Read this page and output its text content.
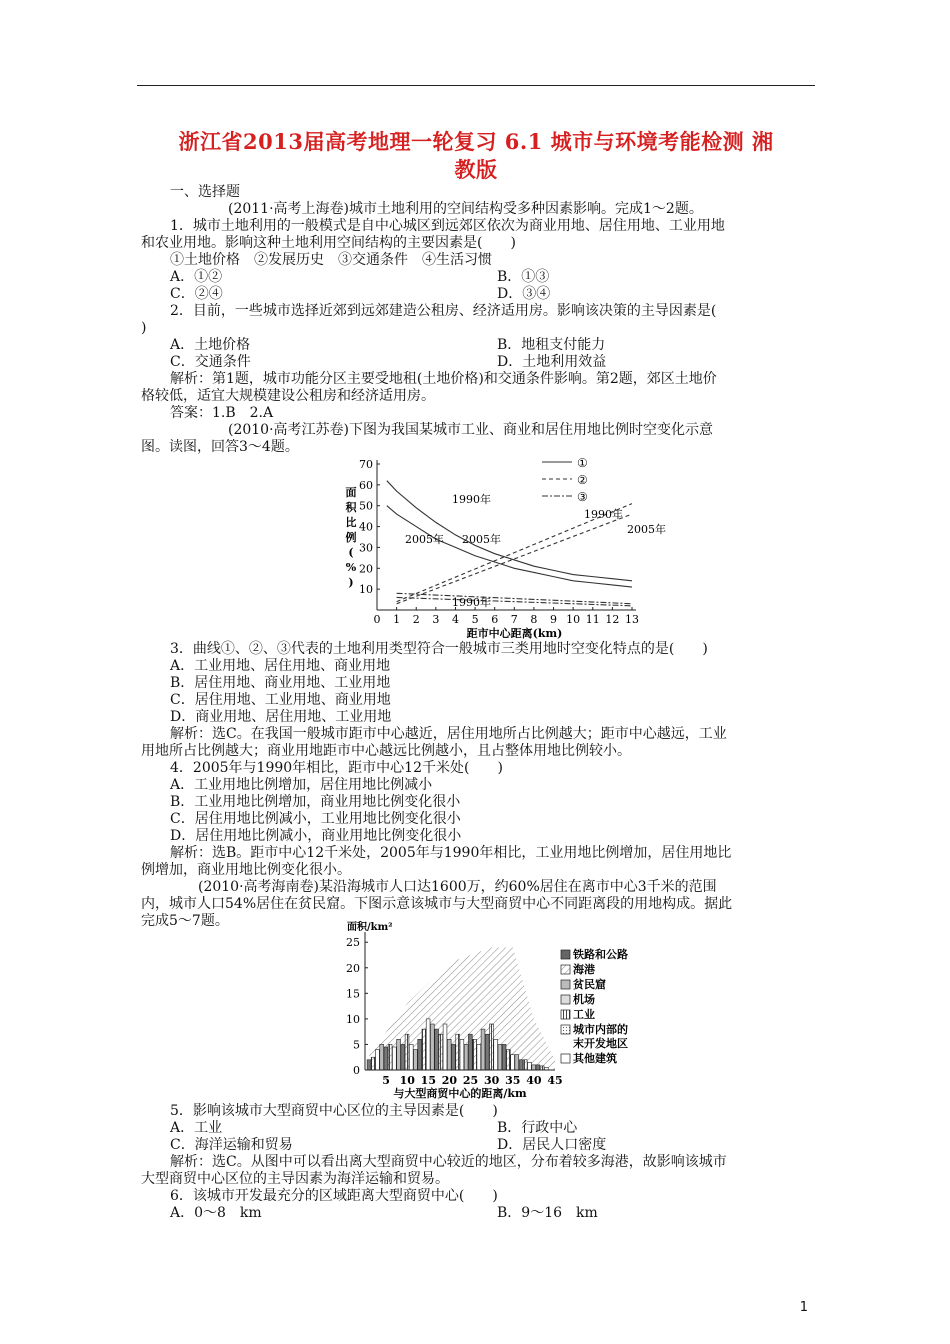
浙江省2013届高考地理一轮复习 6.1 城市与环境考能检测 湘
教版
一、选择题
(2011·高考上海卷)城市土地利用的空间结构受多种因素影响。完成1～2题。
1．城市土地利用的一般模式是自中心城区到远郊区依次为商业用地、居住用地、工业用地
和农业用地。影响这种土地利用空间结构的主要因素是(　　)
①土地价格　②发展历史　③交通条件　④生活习惯
A．①②	B．①③
C．②④	D．③④
2．目前，一些城市选择近郊到远郊建造公租房、经济适用房。影响该决策的主导因素是(
)
A．土地价格	B．地租支付能力
C．交通条件	D．土地利用效益
解析：第1题，城市功能分区主要受地租(土地价格)和交通条件影响。第2题，郊区土地价
格较低，适宜大规模建设公租房和经济适用房。
答案：1.B　2.A
(2010·高考江苏卷)下图为我国某城市工业、商业和居住用地比例时空变化示意
图。读图，回答3～4题。
3．曲线①、②、③代表的土地利用类型符合一般城市三类用地时空变化特点的是(　　)
A．工业用地、居住用地、商业用地
B．居住用地、商业用地、工业用地
C．居住用地、工业用地、商业用地
D．商业用地、居住用地、工业用地
解析：选C。在我国一般城市距市中心越近，居住用地所占比例越大；距市中心越远，工业
用地所占比例越大；商业用地距市中心越远比例越小，且占整体用地比例较小。
4．2005年与1990年相比，距市中心12千米处(　　)
A．工业用地比例增加，居住用地比例减小
B．工业用地比例增加，商业用地比例变化很小
C．居住用地比例减小，工业用地比例变化很小
D．居住用地比例减小，商业用地比例变化很小
解析：选B。距市中心12千米处，2005年与1990年相比，工业用地比例增加，居住用地比
例增加，商业用地比例变化很小。
(2010·高考海南卷)某沿海城市人口达1600万，约60%居住在离市中心3千米的范围
内，城市人口54%居住在贫民窟。下图示意该城市与大型商贸中心不同距离段的用地构成。据此
完成5～7题。
5．影响该城市大型商贸中心区位的主导因素是(　　)
A．工业	B．行政中心
C．海洋运输和贸易	D．居民人口密度
解析：选C。从图中可以看出离大型商贸中心较近的地区，分布着较多海港，故影响该城市
大型商贸中心区位的主导因素为海洋运输和贸易。
6．该城市开发最充分的区域距离大型商贸中心(　　)
A．0～8　km	B．9～16　km
10
20
30
40
50
60
70
0 1 2 3 4 5 6 7 8 9 10 11 12 13
面
积
比
例
(
%
)
距市中心距离(km)
①
②
③
1990年
2005年 2005年
1990年
2005年
1990年
面积/km²
0
5
10
15
20
25
5 10 15 20 25 30 35 40 45
与大型商贸中心的距离/km
铁路和公路
海港
贫民窟
机场
工业
城市内部的
末开发地区
其他建筑
1
